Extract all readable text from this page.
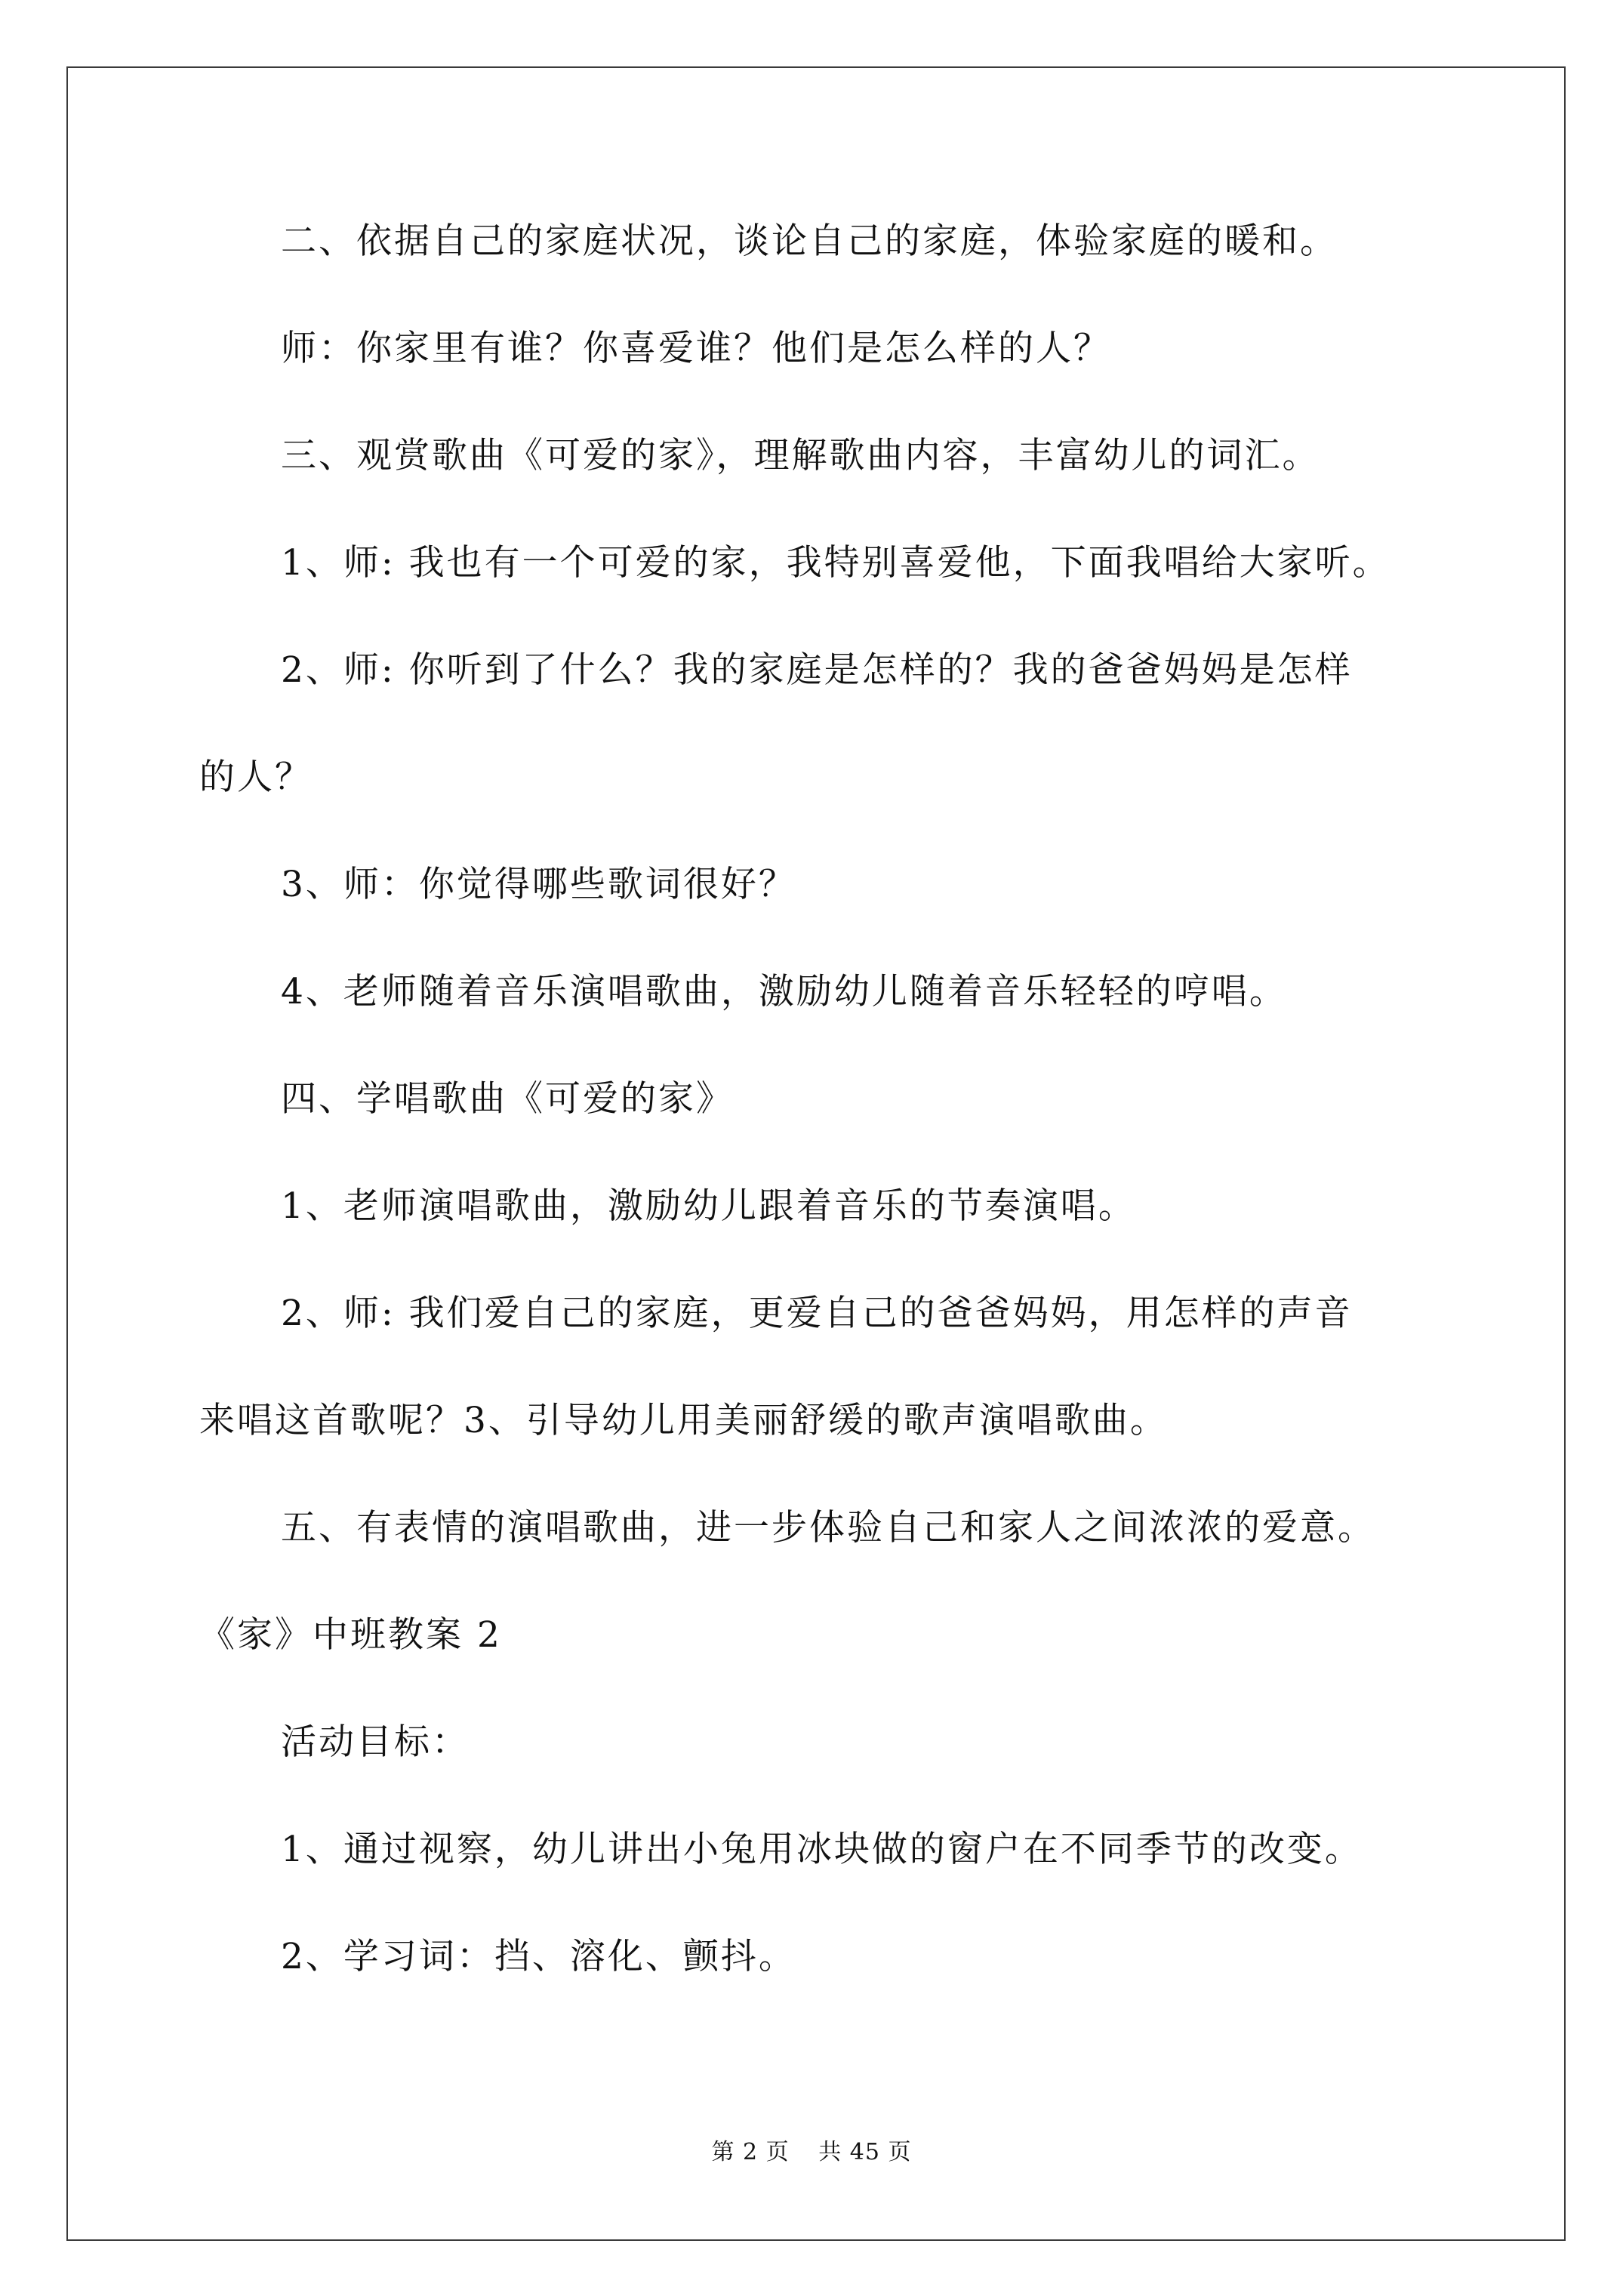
二、依据自己的家庭状况，谈论自己的家庭，体验家庭的暖和。
师：你家里有谁？你喜爱谁？他们是怎么样的人？
三、观赏歌曲《可爱的家》，理解歌曲内容，丰富幼儿的词汇。
1、师: 我也有一个可爱的家，我特别喜爱他，下面我唱给大家听。
2、师: 你听到了什么？我的家庭是怎样的？我的爸爸妈妈是怎样
的人？
3、师：你觉得哪些歌词很好？
4、老师随着音乐演唱歌曲，激励幼儿随着音乐轻轻的哼唱。
四、学唱歌曲《可爱的家》
1、老师演唱歌曲，激励幼儿跟着音乐的节奏演唱。
2、师: 我们爱自己的家庭，更爱自己的爸爸妈妈，用怎样的声音
来唱这首歌呢？3、引导幼儿用美丽舒缓的歌声演唱歌曲。
五、有表情的演唱歌曲，进一步体验自己和家人之间浓浓的爱意。
《家》中班教案 2
活动目标：
1、通过视察，幼儿讲出小兔用冰块做的窗户在不同季节的改变。
2、学习词：挡、溶化、颤抖。
第 2 页 共 45 页
